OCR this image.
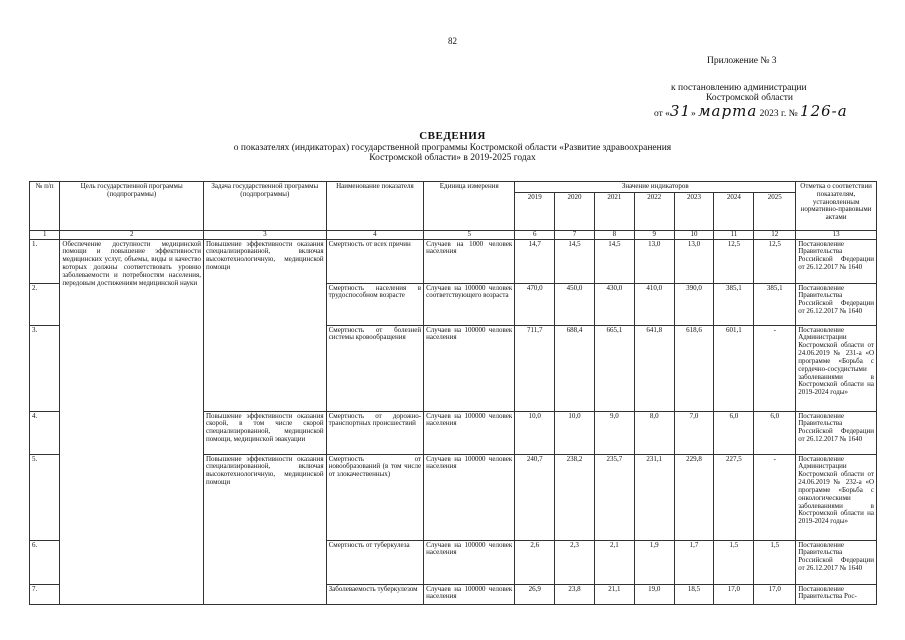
82
Приложение № 3
к постановлению администрации
Костромской области
от «31» марта 2023 г. № 126-а
СВЕДЕНИЯ
о показателях (индикаторах) государственной программы Костромской области «Развитие здравоохранения
Костромской области» в 2019-2025 годах
№ п/п	Цель государственной программы (подпрограммы)	Задача государственной программы (подпрограммы)	Наименование показателя	Единица измерения	Значение индикаторов							Отметка о соответствии показателям, установленным нормативно-правовыми актами
					2019	2020	2021	2022	2023	2024	2025	
1	2	3	4	5	6	7	8	9	10	11	12	13
1.	Обеспечение доступности медицинской помощи и повышение эффективности медицинских услуг, объемы, виды и качество которых должны соответствовать уровню заболеваемости и потребностям населения, передовым достижениям медицинской науки	Повышение эффективности оказания специализированной, включая высокотехнологичную, медицинской помощи	Смертность от всех причин	Случаев на 1000 человек населения	14,7	14,5	14,5	13,0	13,0	12,5	12,5	Постановление Правительства Российской Федерации от 26.12.2017 № 1640
2.			Смертность населения в трудоспособном возрасте	Случаев на 100000 человек соответствующего возраста	470,0	450,0	430,0	410,0	390,0	385,1	385,1	Постановление Правительства Российской Федерации от 26.12.2017 № 1640
3.			Смертность от болезней системы кровообращения	Случаев на 100000 человек населения	711,7	688,4	665,1	641,8	618,6	601,1	-	Постановление Администрации Костромской области от 24.06.2019 № 231-а «О программе «Борьба с сердечно-сосудистыми заболеваниями в Костромской области на 2019-2024 годы»
4.		Повышение эффективности оказания скорой, в том числе скорой специализированной, медицинской помощи, медицинской эвакуации	Смертность от дорожно-транспортных происшествий	Случаев на 100000 человек населения	10,0	10,0	9,0	8,0	7,0	6,0	6,0	Постановление Правительства Российской Федерации от 26.12.2017 № 1640
5.		Повышение эффективности оказания специализированной, включая высокотехнологичную, медицинской помощи	Смертность от новообразований (в том числе от злокачественных)	Случаев на 100000 человек населения	240,7	238,2	235,7	231,1	229,8	227,5	-	Постановление Администрации Костромской области от 24.06.2019 № 232-а «О программе «Борьба с онкологическими заболеваниями в Костромской области на 2019-2024 годы»
6.			Смертность от туберкулеза	Случаев на 100000 человек населения	2,6	2,3	2,1	1,9	1,7	1,5	1,5	Постановление Правительства Российской Федерации от 26.12.2017 № 1640
7.			Заболеваемость туберкулезом	Случаев на 100000 человек населения	26,9	23,8	21,1	19,0	18,5	17,0	17,0	Постановление Правительства Рос-
